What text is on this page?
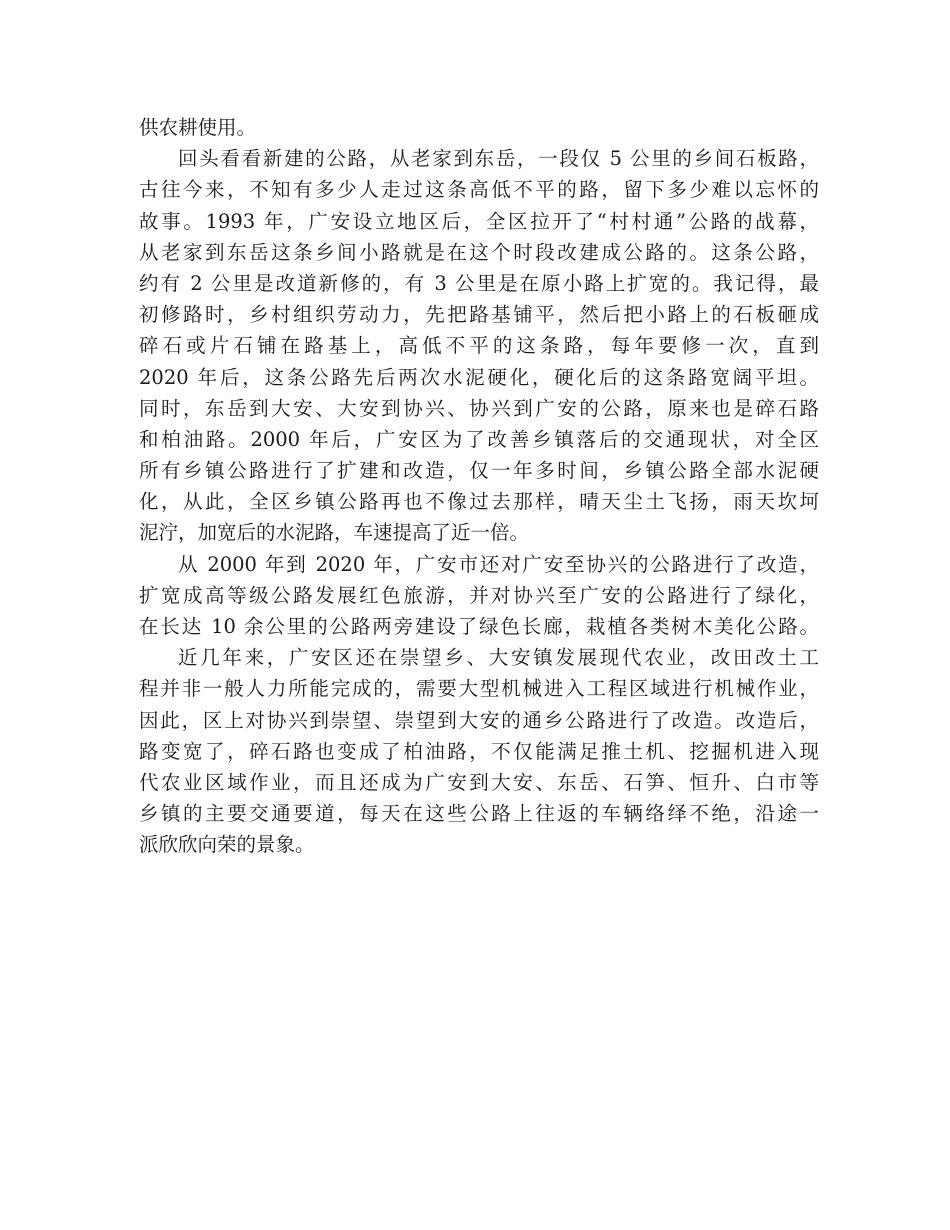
供农耕使用。
回头看看新建的公路，从老家到东岳，一段仅 5 公里的乡间石板路，
古往今来，不知有多少人走过这条高低不平的路，留下多少难以忘怀的
故事。1993 年，广安设立地区后，全区拉开了“村村通”公路的战幕，
从老家到东岳这条乡间小路就是在这个时段改建成公路的。这条公路，
约有 2 公里是改道新修的，有 3 公里是在原小路上扩宽的。我记得，最
初修路时，乡村组织劳动力，先把路基铺平，然后把小路上的石板砸成
碎石或片石铺在路基上，高低不平的这条路，每年要修一次，直到
2020 年后，这条公路先后两次水泥硬化，硬化后的这条路宽阔平坦。
同时，东岳到大安、大安到协兴、协兴到广安的公路，原来也是碎石路
和柏油路。2000 年后，广安区为了改善乡镇落后的交通现状，对全区
所有乡镇公路进行了扩建和改造，仅一年多时间，乡镇公路全部水泥硬
化，从此，全区乡镇公路再也不像过去那样，晴天尘土飞扬，雨天坎坷
泥泞，加宽后的水泥路，车速提高了近一倍。
从 2000 年到 2020 年，广安市还对广安至协兴的公路进行了改造，
扩宽成高等级公路发展红色旅游，并对协兴至广安的公路进行了绿化，
在长达 10 余公里的公路两旁建设了绿色长廊，栽植各类树木美化公路。
近几年来，广安区还在崇望乡、大安镇发展现代农业，改田改土工
程并非一般人力所能完成的，需要大型机械进入工程区域进行机械作业，
因此，区上对协兴到崇望、崇望到大安的通乡公路进行了改造。改造后，
路变宽了，碎石路也变成了柏油路，不仅能满足推土机、挖掘机进入现
代农业区域作业，而且还成为广安到大安、东岳、石笋、恒升、白市等
乡镇的主要交通要道，每天在这些公路上往返的车辆络绎不绝，沿途一
派欣欣向荣的景象。
